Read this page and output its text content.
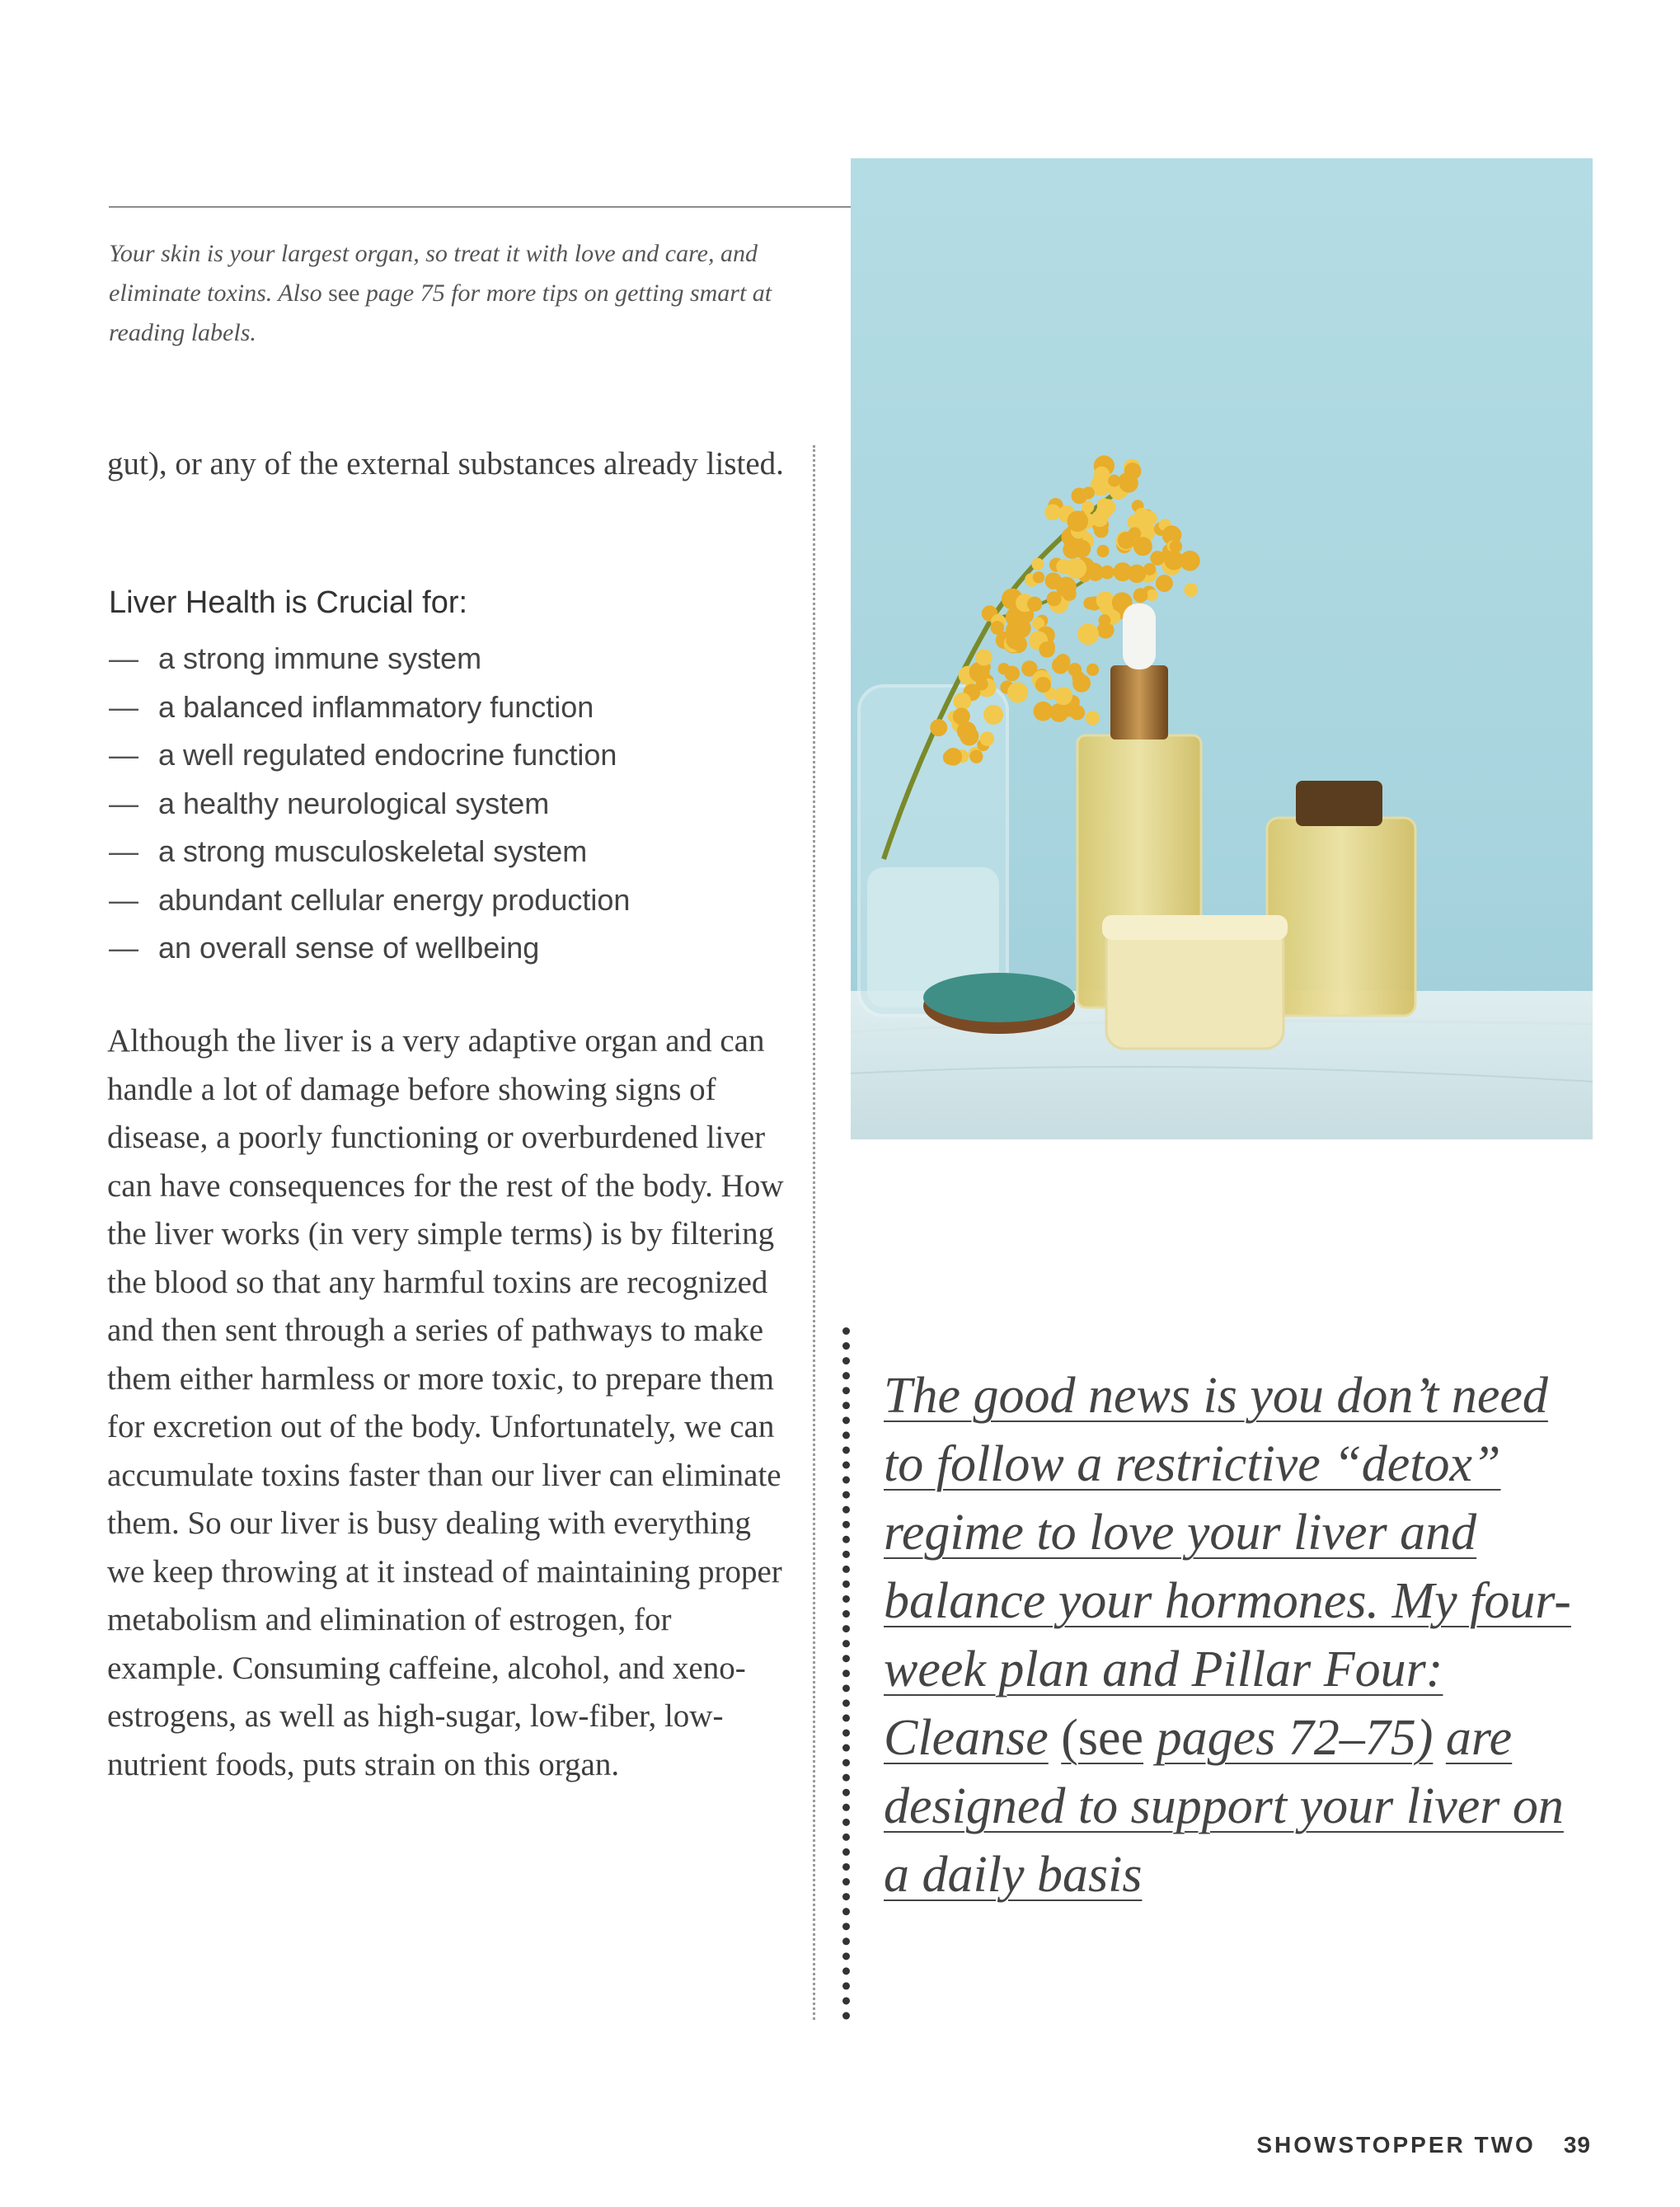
Your skin is your largest organ, so treat it with love and care, and eliminate toxins. Also see page 75 for more tips on getting smart at reading labels.

gut), or any of the external substances already listed.

Liver Health is Crucial for:
— a strong immune system
— a balanced inflammatory function
— a well regulated endocrine function
— a healthy neurological system
— a strong musculoskeletal system
— abundant cellular energy production
— an overall sense of wellbeing

Although the liver is a very adaptive organ and can handle a lot of damage before showing signs of disease, a poorly functioning or overburdened liver can have consequences for the rest of the body. How the liver works (in very simple terms) is by filtering the blood so that any harmful toxins are recognized and then sent through a series of pathways to make them either harmless or more toxic, to prepare them for excretion out of the body. Unfortunately, we can accumulate toxins faster than our liver can eliminate them. So our liver is busy dealing with everything we keep throwing at it instead of maintaining proper metabolism and elimination of estrogen, for example. Consuming caffeine, alcohol, and xeno-estrogens, as well as high-sugar, low-fiber, low-nutrient foods, puts strain on this organ.

The good news is you don’t need to follow a restrictive “detox” regime to love your liver and balance your hormones. My four-week plan and Pillar Four: Cleanse (see pages 72–75) are designed to support your liver on a daily basis

SHOWSTOPPER TWO 39
